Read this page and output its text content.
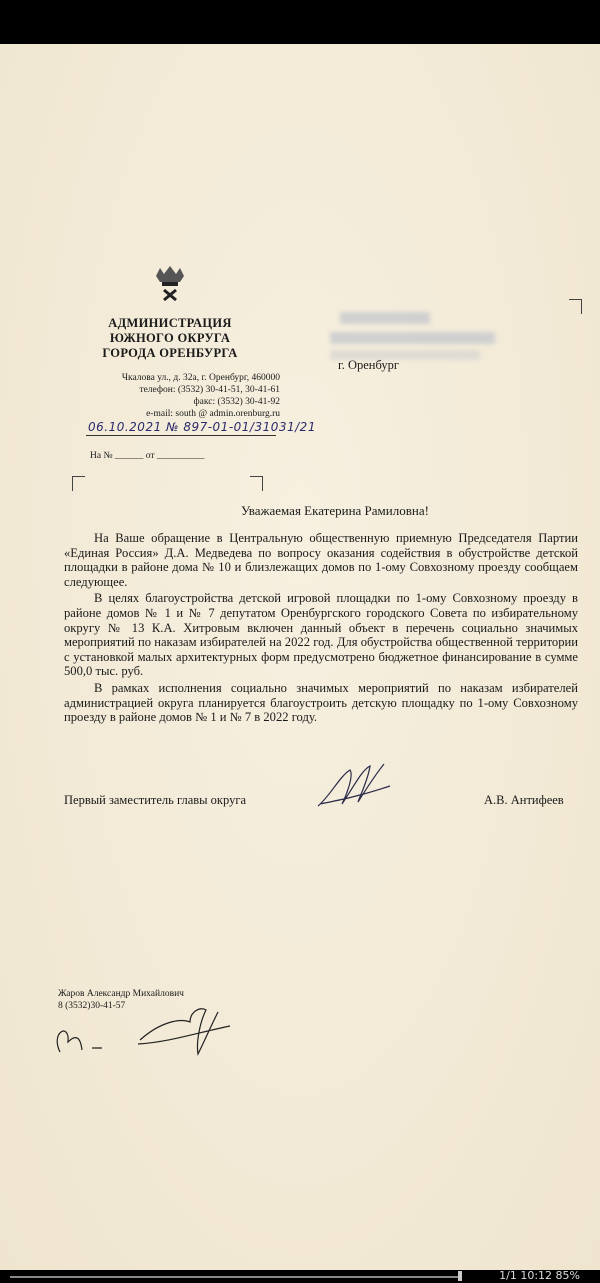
АДМИНИСТРАЦИЯ
ЮЖНОГО ОКРУГА
ГОРОДА ОРЕНБУРГА
Чкалова ул., д. 32а, г. Оренбург, 460000
телефон: (3532) 30-41-51, 30-41-61
факс: (3532) 30-41-92
e-mail: south @ admin.orenburg.ru
06.10.2021 № 897-01-01/31031/21
На № ______ от __________
г. Оренбург
Уважаемая Екатерина Рамиловна!

На Ваше обращение в Центральную общественную приемную Председателя Партии «Единая Россия» Д.А. Медведева по вопросу оказания содействия в обустройстве детской площадки в районе дома № 10 и близлежащих домов по 1-ому Совхозному проезду сообщаем следующее.

В целях благоустройства детской игровой площадки по 1-ому Совхозному проезду в районе домов № 1 и № 7 депутатом Оренбургского городского Совета по избирательному округу № 13 К.А. Хитровым включен данный объект в перечень социально значимых мероприятий по наказам избирателей на 2022 год. Для обустройства общественной территории с установкой малых архитектурных форм предусмотрено бюджетное финансирование в сумме 500,0 тыс. руб.

В рамках исполнения социально значимых мероприятий по наказам избирателей администрацией округа планируется благоустроить детскую площадку по 1-ому Совхозному проезду в районе домов № 1 и № 7 в 2022 году.

Первый заместитель главы округа	А.В. Антифеев
Жаров Александр Михайлович
8 (3532)30-41-57
1/1 10:12 85%
